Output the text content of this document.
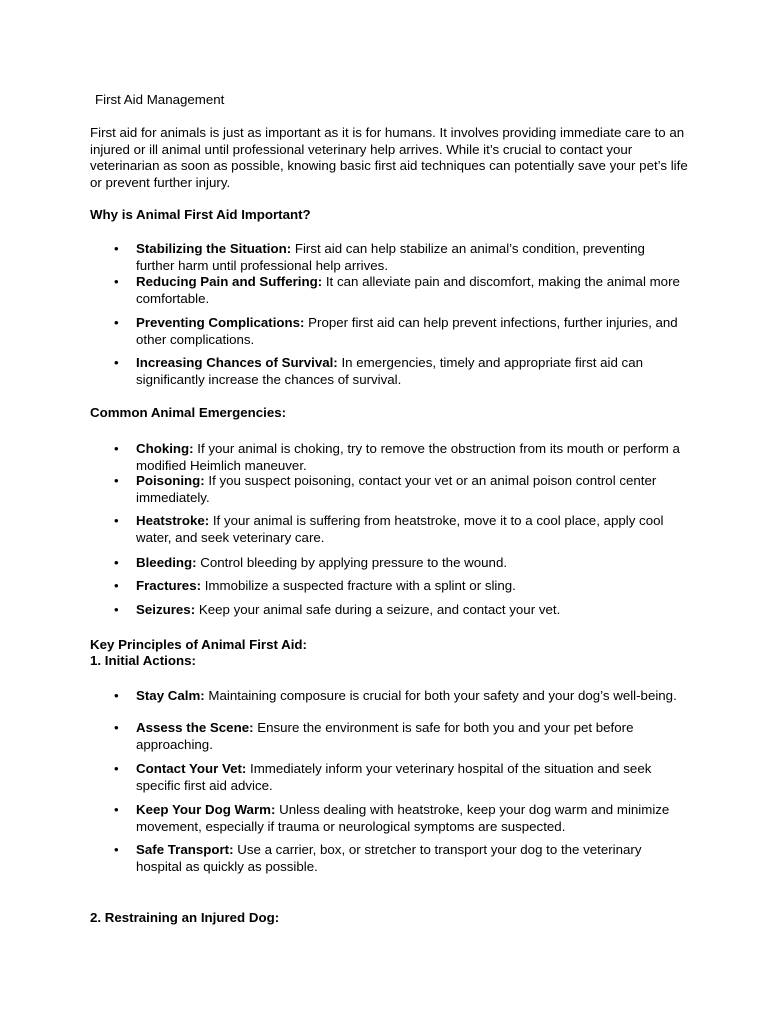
First Aid Management

First aid for animals is just as important as it is for humans. It involves providing immediate care to an injured or ill animal until professional veterinary help arrives. While it’s crucial to contact your veterinarian as soon as possible, knowing basic first aid techniques can potentially save your pet’s life or prevent further injury.

Why is Animal First Aid Important?

• Stabilizing the Situation: First aid can help stabilize an animal’s condition, preventing further harm until professional help arrives.
• Reducing Pain and Suffering: It can alleviate pain and discomfort, making the animal more comfortable.
• Preventing Complications: Proper first aid can help prevent infections, further injuries, and other complications.
• Increasing Chances of Survival: In emergencies, timely and appropriate first aid can significantly increase the chances of survival.

Common Animal Emergencies:

• Choking: If your animal is choking, try to remove the obstruction from its mouth or perform a modified Heimlich maneuver.
• Poisoning: If you suspect poisoning, contact your vet or an animal poison control center immediately.
• Heatstroke: If your animal is suffering from heatstroke, move it to a cool place, apply cool water, and seek veterinary care.
• Bleeding: Control bleeding by applying pressure to the wound.
• Fractures: Immobilize a suspected fracture with a splint or sling.
• Seizures: Keep your animal safe during a seizure, and contact your vet.

Key Principles of Animal First Aid:

1. Initial Actions:

• Stay Calm: Maintaining composure is crucial for both your safety and your dog’s well-being.
• Assess the Scene: Ensure the environment is safe for both you and your pet before approaching.
• Contact Your Vet: Immediately inform your veterinary hospital of the situation and seek specific first aid advice.
• Keep Your Dog Warm: Unless dealing with heatstroke, keep your dog warm and minimize movement, especially if trauma or neurological symptoms are suspected.
• Safe Transport: Use a carrier, box, or stretcher to transport your dog to the veterinary hospital as quickly as possible.

2. Restraining an Injured Dog:
